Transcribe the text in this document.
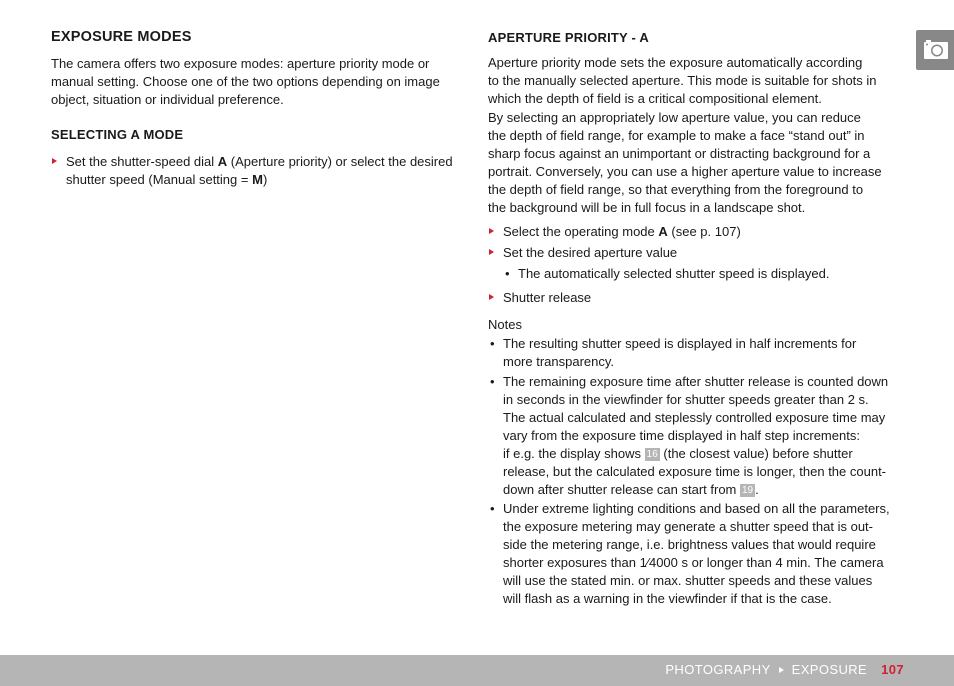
EXPOSURE MODES
The camera offers two exposure modes: aperture priority mode or
manual setting. Choose one of the two options depending on image
object, situation or individual preference.
SELECTING A MODE
Set the shutter-speed dial A (Aperture priority) or select the desired
shutter speed (Manual setting = M)
APERTURE PRIORITY - A
Aperture priority mode sets the exposure automatically according
to the manually selected aperture. This mode is suitable for shots in
which the depth of field is a critical compositional element.
By selecting an appropriately low aperture value, you can reduce
the depth of field range, for example to make a face “stand out” in
sharp focus against an unimportant or distracting background for a
portrait. Conversely, you can use a higher aperture value to increase
the depth of field range, so that everything from the foreground to
the background will be in full focus in a landscape shot.
Select the operating mode A (see p. 107)
Set the desired aperture value
• The automatically selected shutter speed is displayed.
Shutter release
Notes
• The resulting shutter speed is displayed in half increments for
more transparency.
• The remaining exposure time after shutter release is counted down
in seconds in the viewfinder for shutter speeds greater than 2 s.
The actual calculated and steplessly controlled exposure time may
vary from the exposure time displayed in half step increments:
if e.g. the display shows 16 (the closest value) before shutter
release, but the calculated exposure time is longer, then the count-
down after shutter release can start from 19 .
• Under extreme lighting conditions and based on all the parameters,
the exposure metering may generate a shutter speed that is out-
side the metering range, i.e. brightness values that would require
shorter exposures than 1⁄4000 s or longer than 4 min. The camera
will use the stated min. or max. shutter speeds and these values
will flash as a warning in the viewfinder if that is the case.
PHOTOGRAPHY EXPOSURE 107
